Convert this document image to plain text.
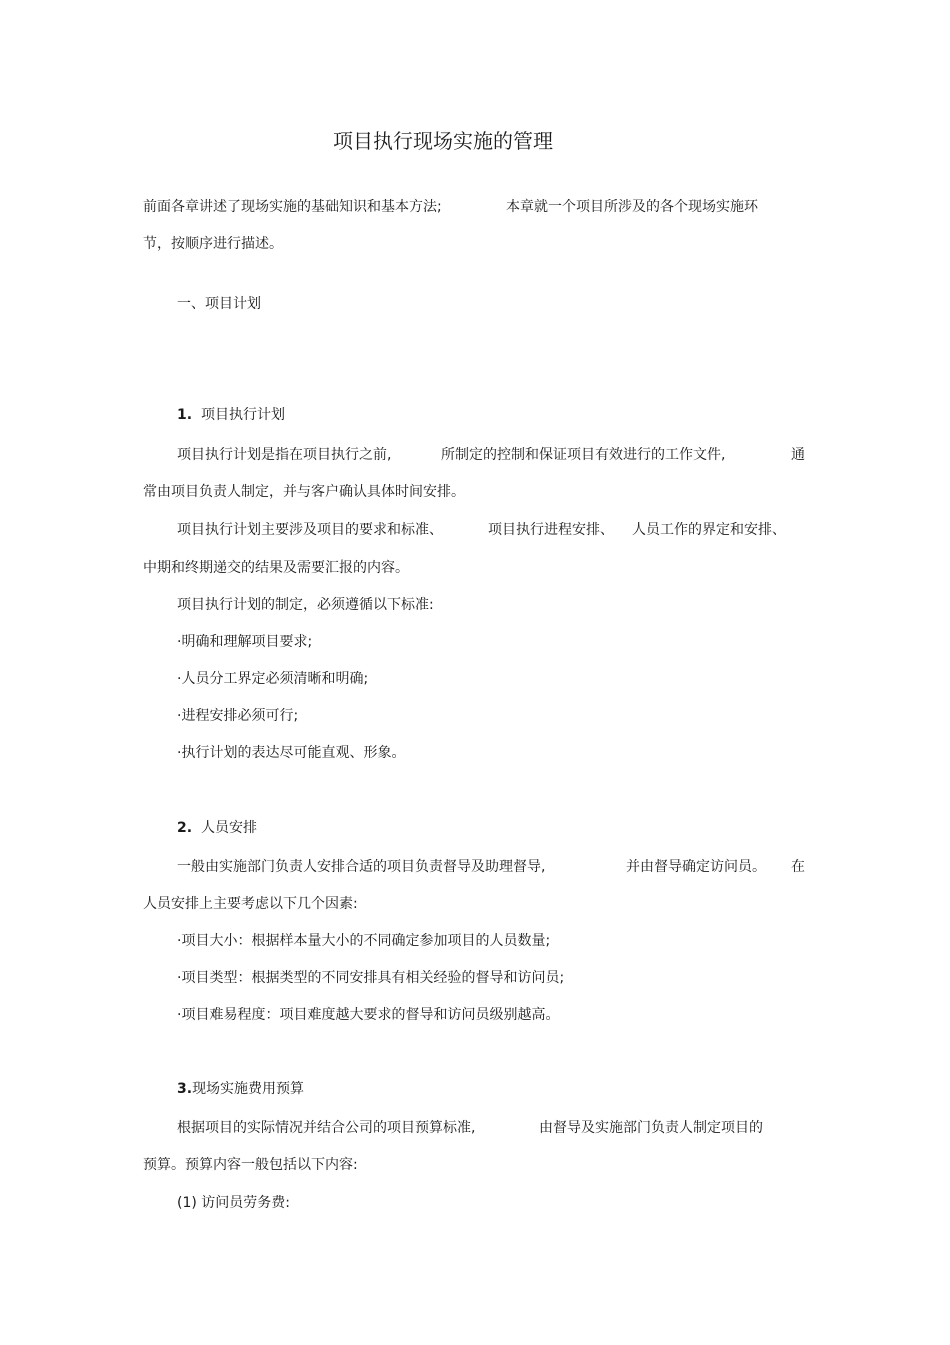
项目执行现场实施的管理
前面各章讲述了现场实施的基础知识和基本方法;	本章就一个项目所涉及的各个现场实施环
节，按顺序进行描述。
一、项目计划
1. 项目执行计划
项目执行计划是指在项目执行之前,	所制定的控制和保证项目有效进行的工作文件,	通
常由项目负责人制定，并与客户确认具体时间安排。
项目执行计划主要涉及项目的要求和标准、	项目执行进程安排、 人员工作的界定和安排、
中期和终期递交的结果及需要汇报的内容。
项目执行计划的制定，必须遵循以下标准:
·明确和理解项目要求;
·人员分工界定必须清晰和明确;
·进程安排必须可行;
·执行计划的表达尽可能直观、形象。
2. 人员安排
一般由实施部门负责人安排合适的项目负责督导及助理督导,	并由督导确定访问员。 在
人员安排上主要考虑以下几个因素:
·项目大小：根据样本量大小的不同确定参加项目的人员数量;
·项目类型：根据类型的不同安排具有相关经验的督导和访问员;
·项目难易程度：项目难度越大要求的督导和访问员级别越高。
3.现场实施费用预算
根据项目的实际情况并结合公司的项目预算标准,	由督导及实施部门负责人制定项目的
预算。预算内容一般包括以下内容:
(1) 访问员劳务费:
